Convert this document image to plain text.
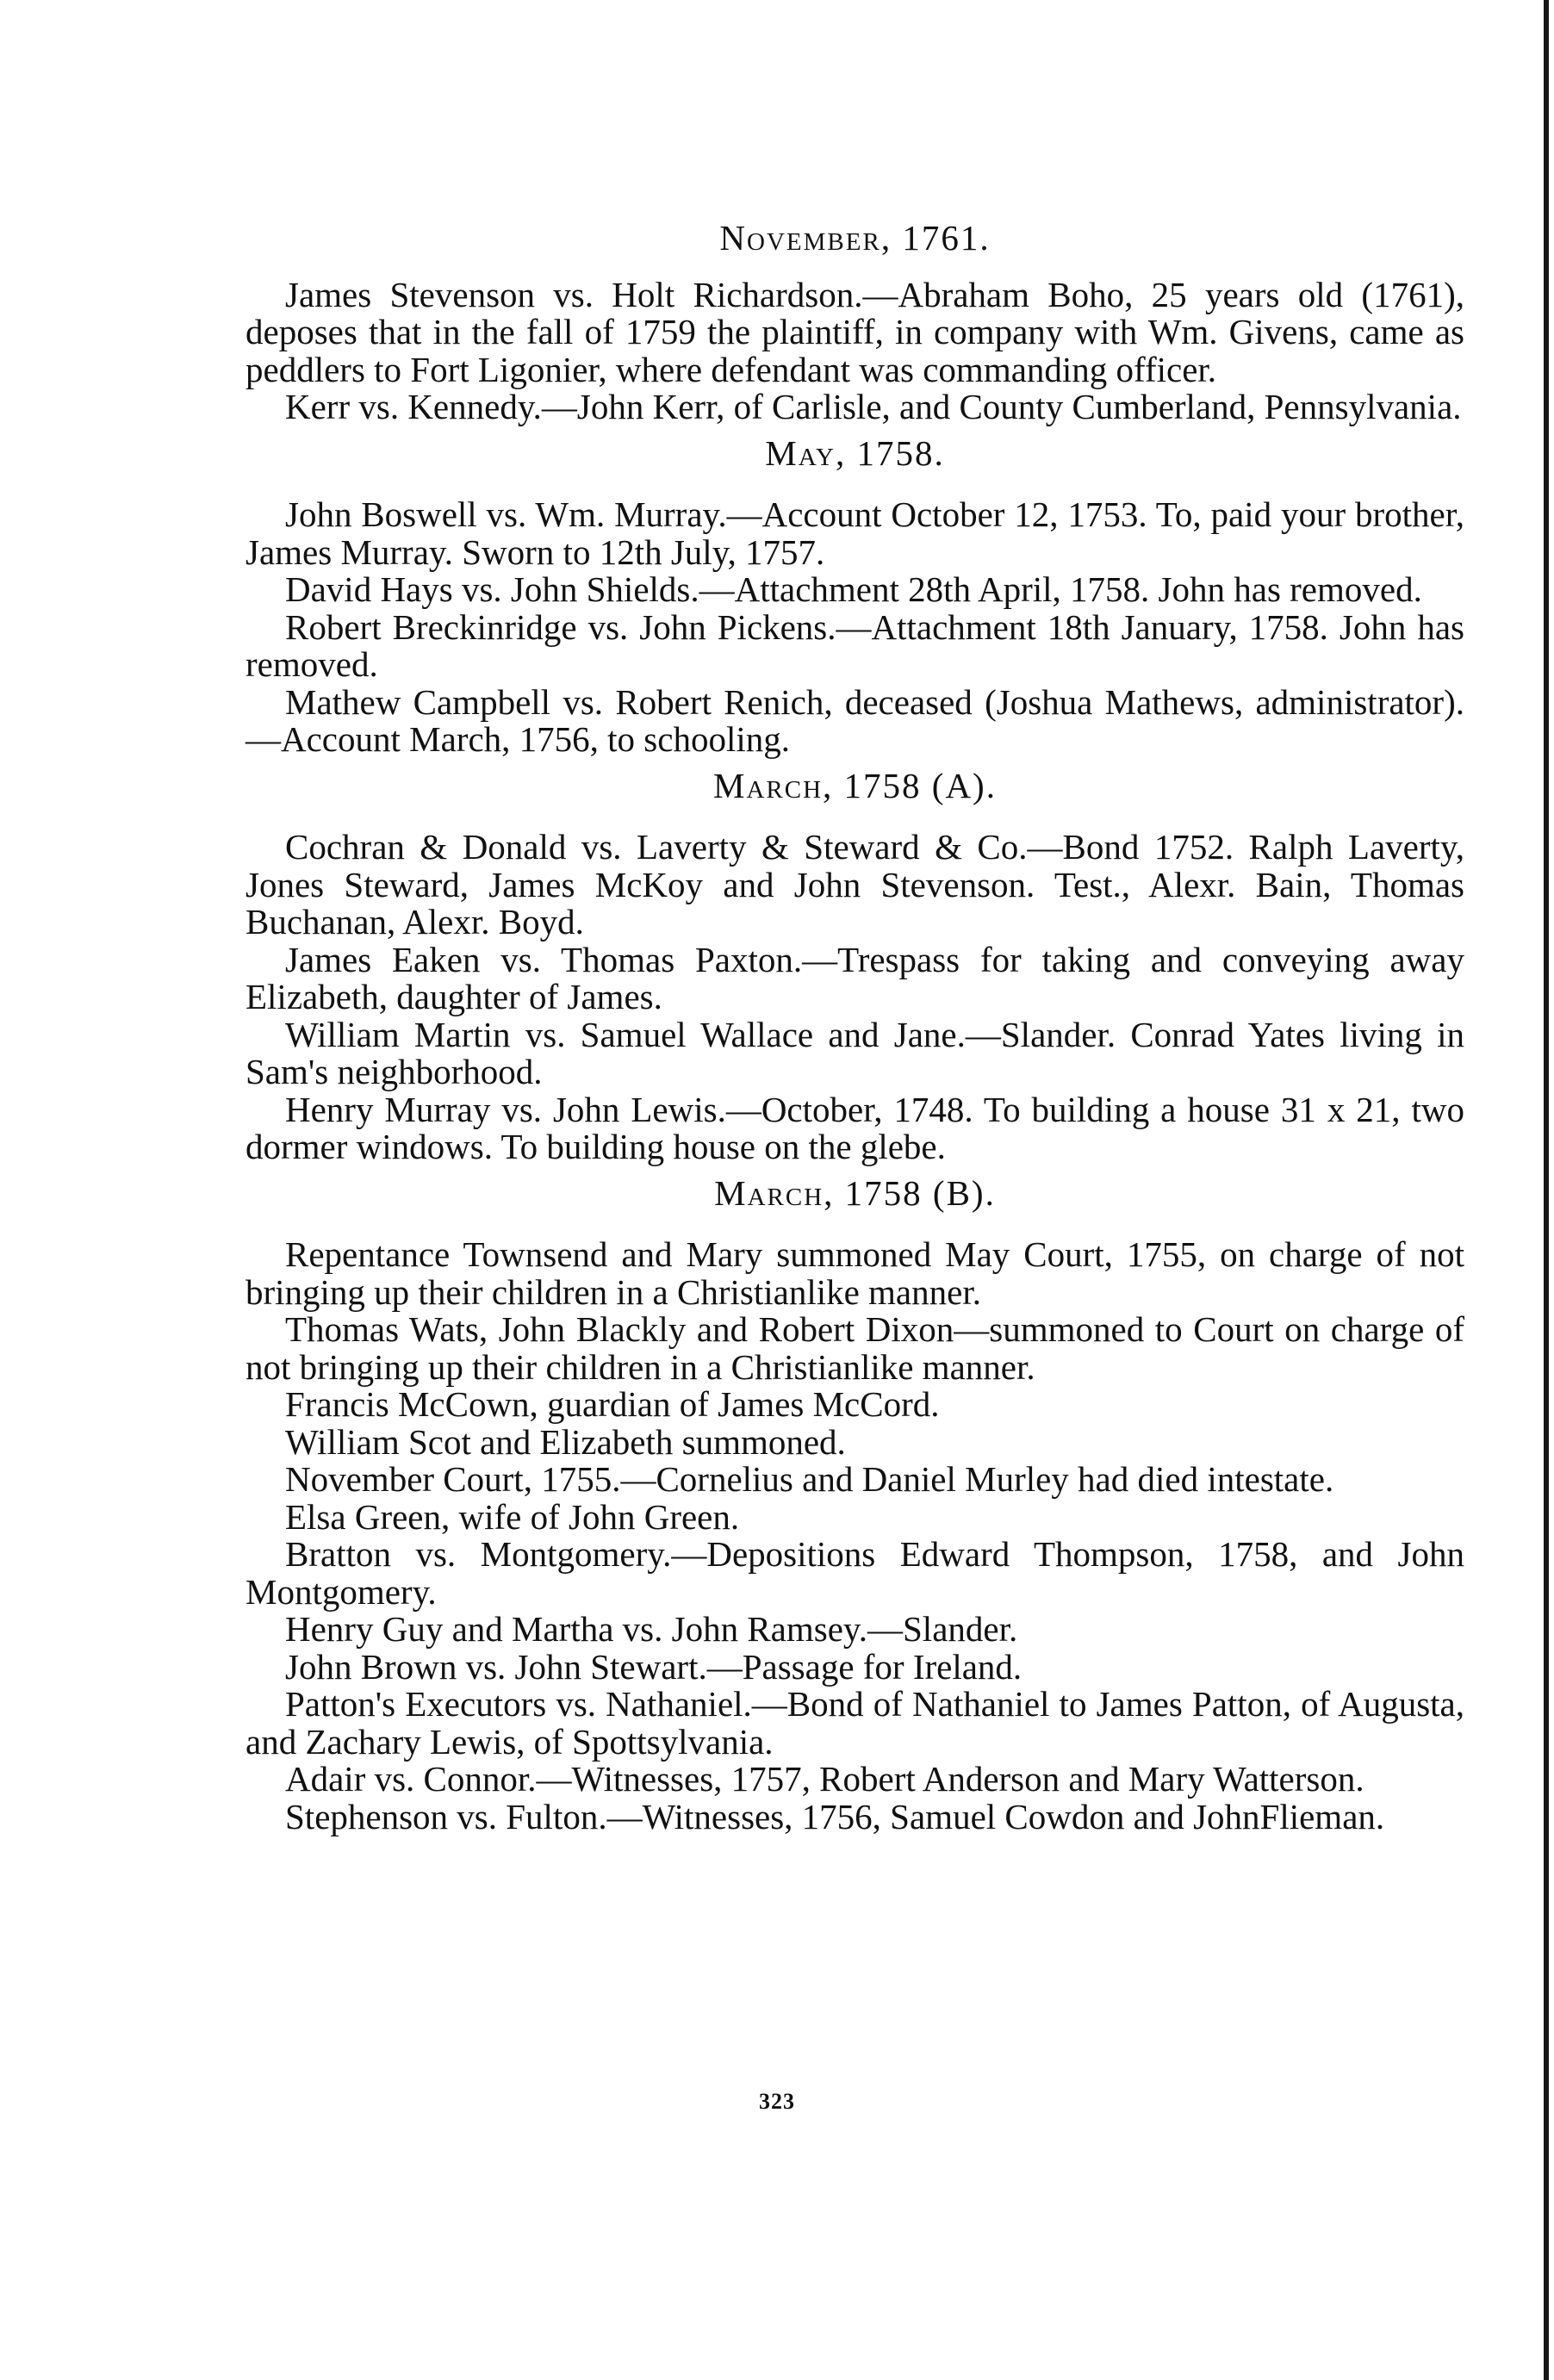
November, 1761.

James Stevenson vs. Holt Richardson.—Abraham Boho, 25 years old (1761), deposes that in the fall of 1759 the plaintiff, in company with Wm. Givens, came as peddlers to Fort Ligonier, where defendant was commanding officer.

Kerr vs. Kennedy.—John Kerr, of Carlisle, and County Cumberland, Pennsylvania.

May, 1758.

John Boswell vs. Wm. Murray.—Account October 12, 1753. To, paid your brother, James Murray. Sworn to 12th July, 1757.

David Hays vs. John Shields.—Attachment 28th April, 1758. John has removed.

Robert Breckinridge vs. John Pickens.—Attachment 18th January, 1758. John has removed.

Mathew Campbell vs. Robert Renich, deceased (Joshua Mathews, administrator).—Account March, 1756, to schooling.

March, 1758 (A).

Cochran & Donald vs. Laverty & Steward & Co.—Bond 1752. Ralph Laverty, Jones Steward, James McKoy and John Stevenson. Test., Alexr. Bain, Thomas Buchanan, Alexr. Boyd.

James Eaken vs. Thomas Paxton.—Trespass for taking and conveying away Elizabeth, daughter of James.

William Martin vs. Samuel Wallace and Jane.—Slander. Conrad Yates living in Sam's neighborhood.

Henry Murray vs. John Lewis.—October, 1748. To building a house 31 x 21, two dormer windows. To building house on the glebe.

March, 1758 (B).

Repentance Townsend and Mary summoned May Court, 1755, on charge of not bringing up their children in a Christianlike manner.

Thomas Wats, John Blackly and Robert Dixon—summoned to Court on charge of not bringing up their children in a Christianlike manner.

Francis McCown, guardian of James McCord.

William Scot and Elizabeth summoned.

November Court, 1755.—Cornelius and Daniel Murley had died intestate.

Elsa Green, wife of John Green.

Bratton vs. Montgomery.—Depositions Edward Thompson, 1758, and John Montgomery.

Henry Guy and Martha vs. John Ramsey.—Slander.

John Brown vs. John Stewart.—Passage for Ireland.

Patton's Executors vs. Nathaniel.—Bond of Nathaniel to James Patton, of Augusta, and Zachary Lewis, of Spottsylvania.

Adair vs. Connor.—Witnesses, 1757, Robert Anderson and Mary Watterson.

Stephenson vs. Fulton.—Witnesses, 1756, Samuel Cowdon and JohnFlieman.

323
